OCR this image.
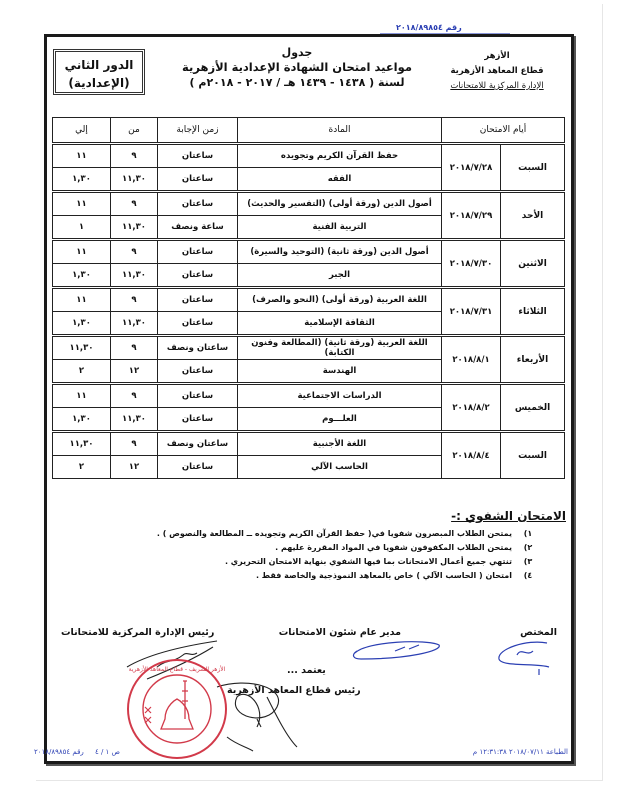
رقم ٢٠١٨/٨٩٨٥٤
الأزهر
قطاع المعاهد الأزهرية
الإدارة المركزية للامتحانات
جدول
مواعيد امتحان الشهادة الإعدادية الأزهرية
لسنة ( ١٤٣٨ - ١٤٣٩ هـ / ٢٠١٧ - ٢٠١٨م )
الدور الثاني
(الإعدادية)
أيام الامتحان		المادة	زمن الإجابة	من	إلي
السبت	٢٠١٨/٧/٢٨	حفظ القرآن الكريم وتجويده	ساعتان	٩	١١
		الفقه	ساعتان	١١,٣٠	١,٣٠
الأحد	٢٠١٨/٧/٢٩	أصول الدين (ورقة أولى) (التفسير والحديث)	ساعتان	٩	١١
		التربية الفنية	ساعة ونصف	١١,٣٠	١
الاثنين	٢٠١٨/٧/٣٠	أصول الدين (ورقة ثانية) (التوحيد والسيرة)	ساعتان	٩	١١
		الجبر	ساعتان	١١,٣٠	١,٣٠
الثلاثاء	٢٠١٨/٧/٣١	اللغة العربية (ورقة أولى) (النحو والصرف)	ساعتان	٩	١١
		الثقافة الإسلامية	ساعتان	١١,٣٠	١,٣٠
الأربعاء	٢٠١٨/٨/١	اللغة العربية (ورقة ثانية) (المطالعة وفنون الكتابة)	ساعتان ونصف	٩	١١,٣٠
		الهندسة	ساعتان	١٢	٢
الخميس	٢٠١٨/٨/٢	الدراسات الاجتماعية	ساعتان	٩	١١
		العلـــوم	ساعتان	١١,٣٠	١,٣٠
السبت	٢٠١٨/٨/٤	اللغة الأجنبية	ساعتان ونصف	٩	١١,٣٠
		الحاسب الآلي	ساعتان	١٢	٢
الامتحان الشفوي :-
١)
يمتحن الطلاب المبصرون شفويا في( حفظ القرآن الكريم وتجويده ــ المطالعة والنصوص ) .
٢)
يمتحن الطلاب المكفوفون شفويا في المواد المقررة عليهم .
٣)
تنتهي جميع أعمال الامتحانات بما فيها الشفوي بنهاية الامتحان التحريري .
٤)
امتحان ( الحاسب الآلي ) خاص بالمعاهد النموذجية والخاصة فقط .
المختص
مدير عام شئون الامتحانات
رئيس الإدارة المركزية للامتحانات
يعتمد ...
رئيس قطاع المعاهد الأزهرية
الأزهر الشريف - قطاع المعاهد الأزهرية
ص ١ / ٤     رقم ٢٠١٨/٨٩٨٥٤	الطباعة ٢٠١٨/٠٧/١١ ١٢:٣١:٣٨ م
